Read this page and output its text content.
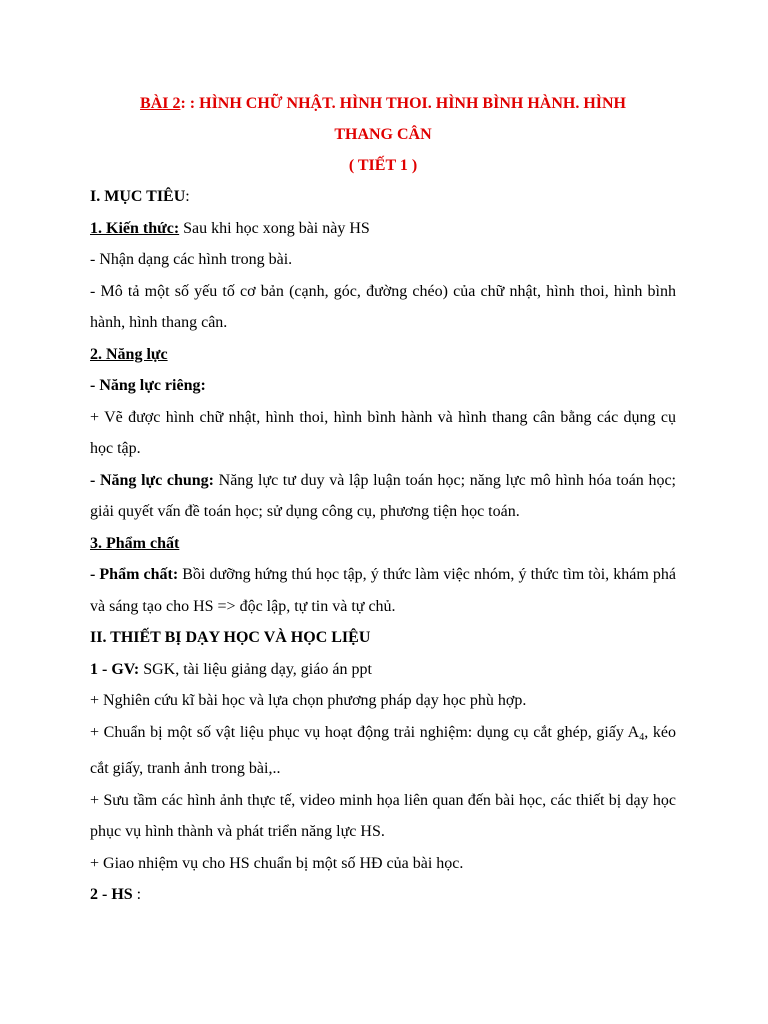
BÀI 2: : HÌNH CHỮ NHẬT. HÌNH THOI. HÌNH BÌNH HÀNH. HÌNH
THANG CÂN
( TIẾT 1 )
I. MỤC TIÊU:
1. Kiến thức: Sau khi học xong bài này HS
- Nhận dạng các hình trong bài.
- Mô tả một số yếu tố cơ bản (cạnh, góc, đường chéo) của chữ nhật, hình thoi, hình bình hành, hình thang cân.
2. Năng lực
- Năng lực riêng:
+ Vẽ được hình chữ nhật, hình thoi, hình bình hành và hình thang cân bằng các dụng cụ học tập.
- Năng lực chung: Năng lực tư duy và lập luận toán học; năng lực mô hình hóa toán học; giải quyết vấn đề toán học; sử dụng công cụ, phương tiện học toán.
3. Phẩm chất
- Phẩm chất: Bồi dưỡng hứng thú học tập, ý thức làm việc nhóm, ý thức tìm tòi, khám phá và sáng tạo cho HS => độc lập, tự tin và tự chủ.
II. THIẾT BỊ DẠY HỌC VÀ HỌC LIỆU
1 - GV: SGK, tài liệu giảng dạy, giáo án ppt
+ Nghiên cứu kĩ bài học và lựa chọn phương pháp dạy học phù hợp.
+ Chuẩn bị một số vật liệu phục vụ hoạt động trải nghiệm: dụng cụ cắt ghép, giấy $A_4$, kéo cắt giấy, tranh ảnh trong bài,..
+ Sưu tầm các hình ảnh thực tế, video minh họa liên quan đến bài học, các thiết bị dạy học phục vụ hình thành và phát triển năng lực HS.
+ Giao nhiệm vụ cho HS chuẩn bị một số HĐ của bài học.
2 - HS :
